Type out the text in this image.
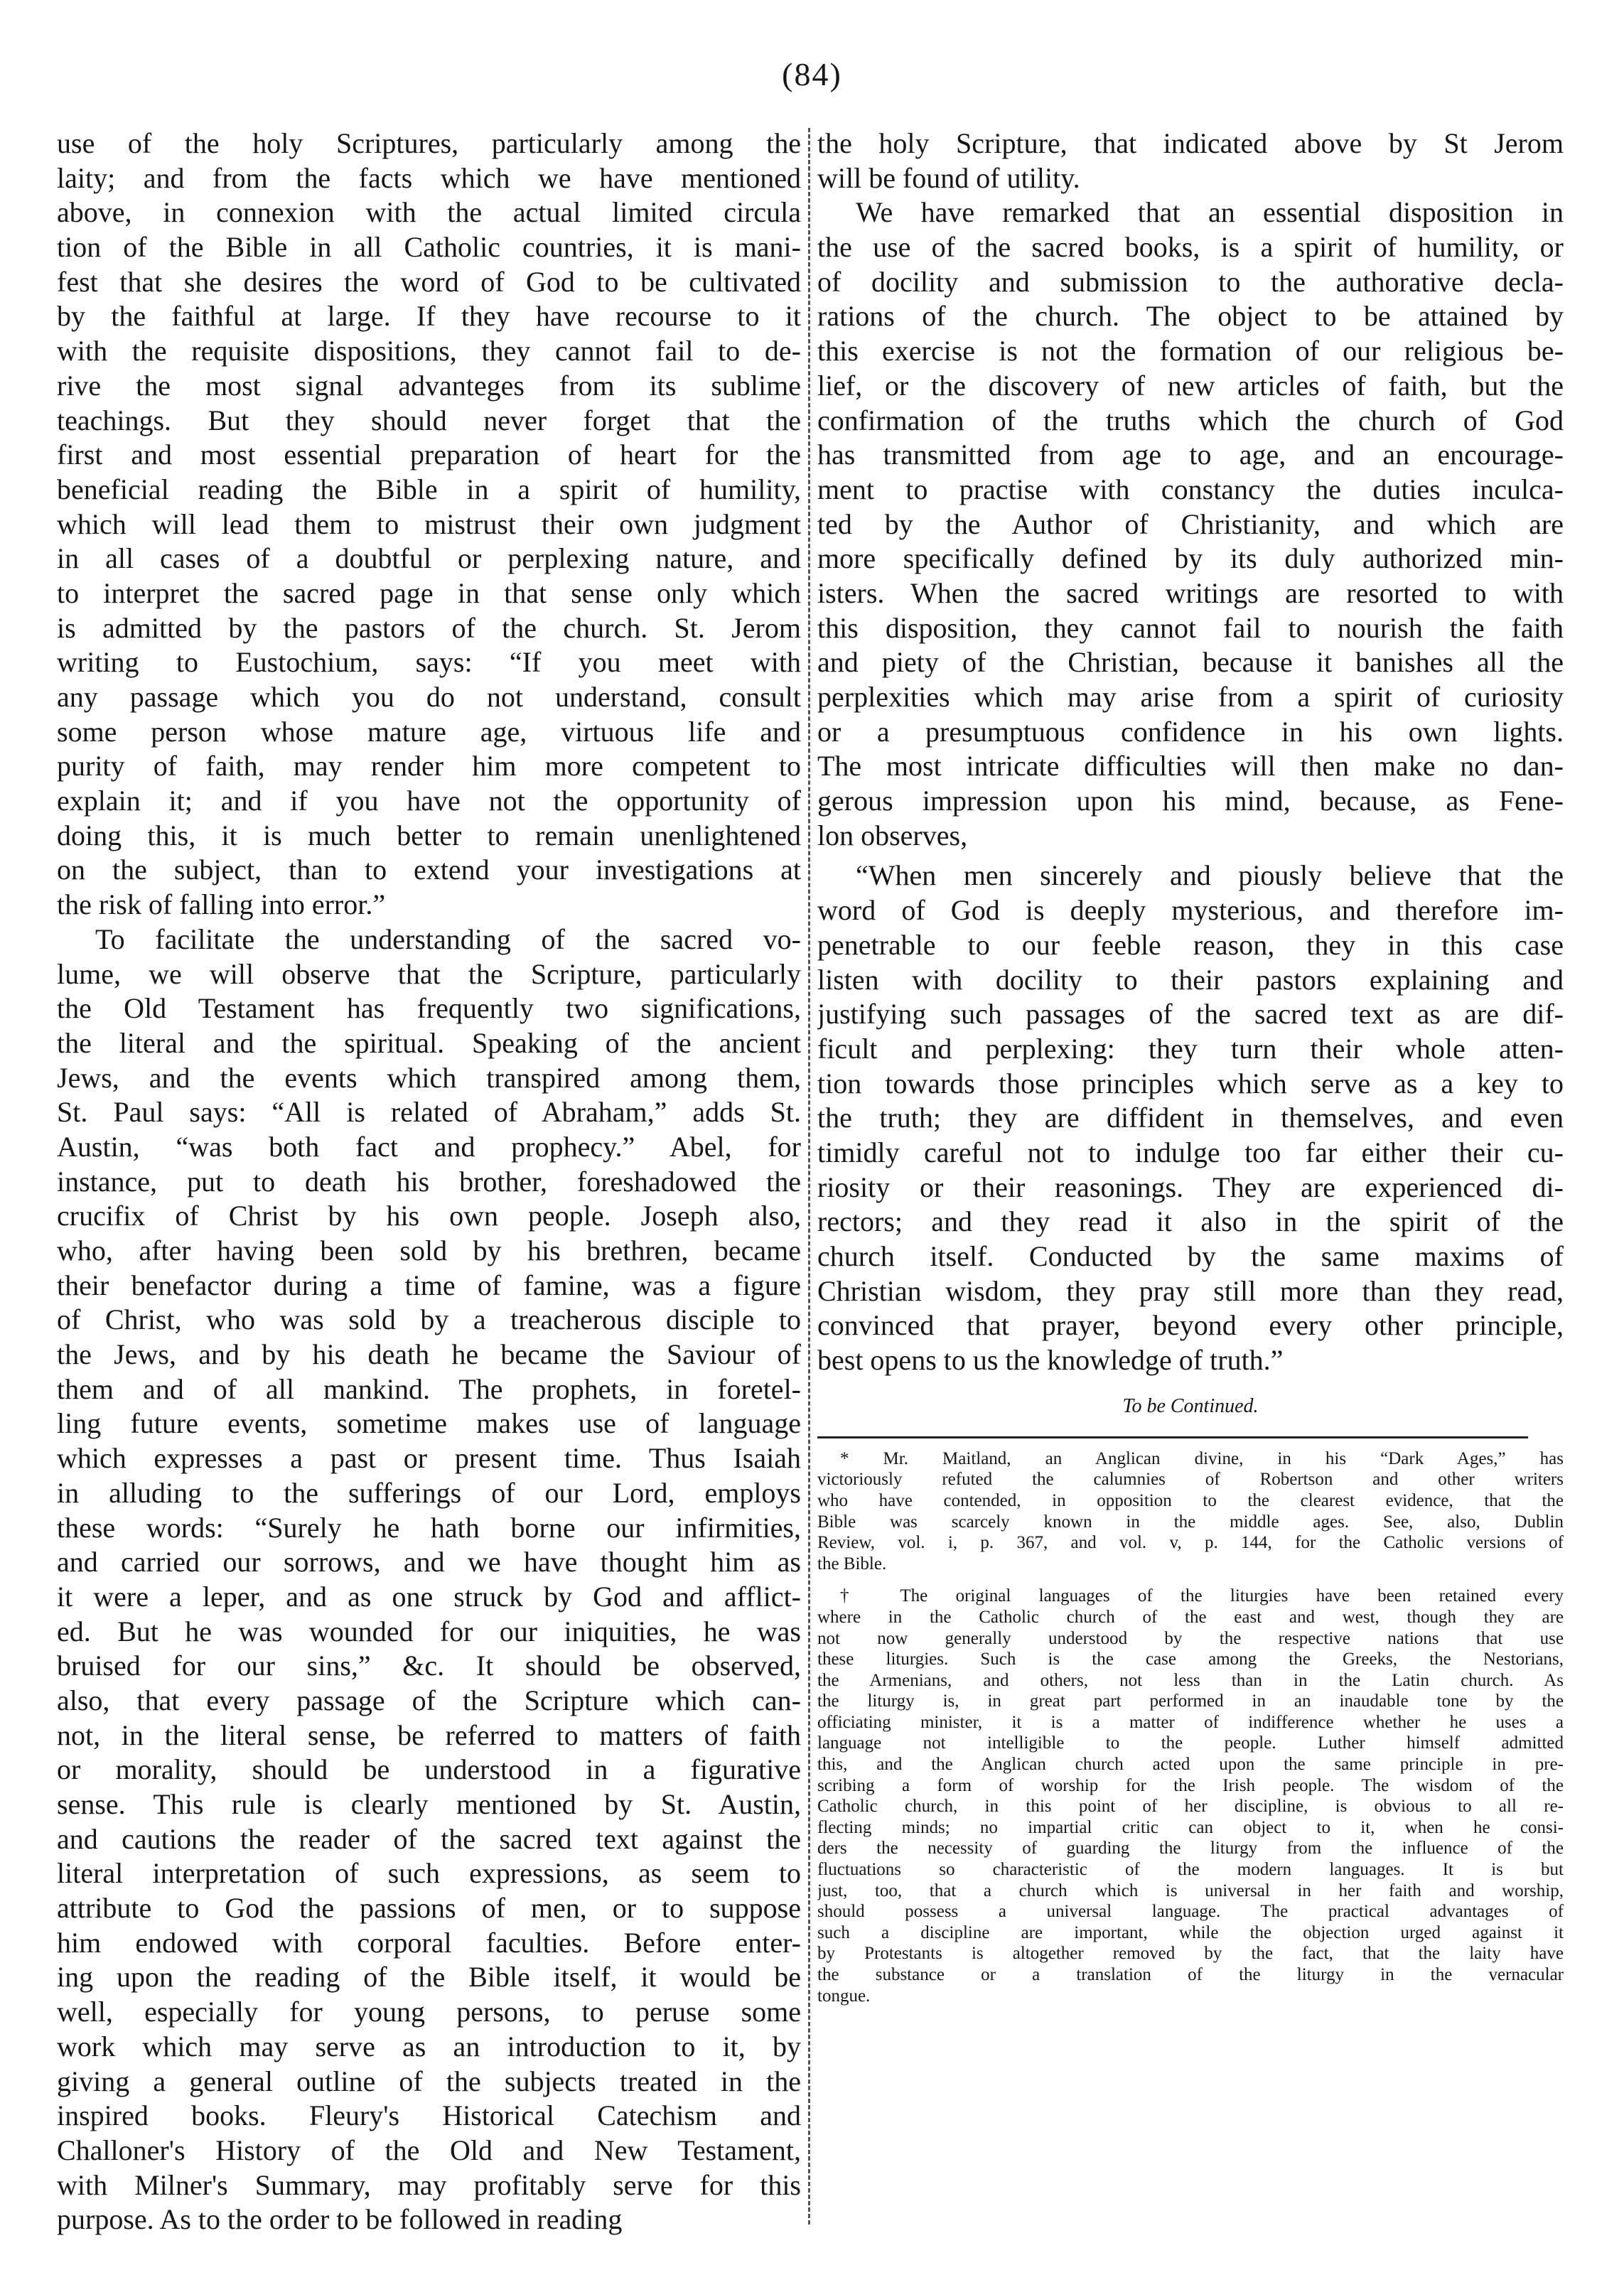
(84)
use of the holy Scriptures, particularly among the
laity; and from the facts which we have mentioned
above, in connexion with the actual limited circula
tion of the Bible in all Catholic countries, it is mani-
fest that she desires the word of God to be cultivated
by the faithful at large. If they have recourse to it
with the requisite dispositions, they cannot fail to de-
rive the most signal advanteges from its sublime
teachings. But they should never forget that the
first and most essential preparation of heart for the
beneficial reading the Bible in a spirit of humility,
which will lead them to mistrust their own judgment
in all cases of a doubtful or perplexing nature, and
to interpret the sacred page in that sense only which
is admitted by the pastors of the church. St. Jerom
writing to Eustochium, says: “If you meet with
any passage which you do not understand, consult
some person whose mature age, virtuous life and
purity of faith, may render him more competent to
explain it; and if you have not the opportunity of
doing this, it is much better to remain unenlightened
on the subject, than to extend your investigations at
the risk of falling into error.”
To facilitate the understanding of the sacred vo-
lume, we will observe that the Scripture, particularly
the Old Testament has frequently two significations,
the literal and the spiritual. Speaking of the ancient
Jews, and the events which transpired among them,
St. Paul says: “All is related of Abraham,” adds St.
Austin, “was both fact and prophecy.” Abel, for
instance, put to death his brother, foreshadowed the
crucifix of Christ by his own people. Joseph also,
who, after having been sold by his brethren, became
their benefactor during a time of famine, was a figure
of Christ, who was sold by a treacherous disciple to
the Jews, and by his death he became the Saviour of
them and of all mankind. The prophets, in foretel-
ling future events, sometime makes use of language
which expresses a past or present time. Thus Isaiah
in alluding to the sufferings of our Lord, employs
these words: “Surely he hath borne our infirmities,
and carried our sorrows, and we have thought him as
it were a leper, and as one struck by God and afflict-
ed. But he was wounded for our iniquities, he was
bruised for our sins,” &c. It should be observed,
also, that every passage of the Scripture which can-
not, in the literal sense, be referred to matters of faith
or morality, should be understood in a figurative
sense. This rule is clearly mentioned by St. Austin,
and cautions the reader of the sacred text against the
literal interpretation of such expressions, as seem to
attribute to God the passions of men, or to suppose
him endowed with corporal faculties. Before enter-
ing upon the reading of the Bible itself, it would be
well, especially for young persons, to peruse some
work which may serve as an introduction to it, by
giving a general outline of the subjects treated in the
inspired books. Fleury's Historical Catechism and
Challoner's History of the Old and New Testament,
with Milner's Summary, may profitably serve for this
purpose. As to the order to be followed in reading
the holy Scripture, that indicated above by St Jerom
will be found of utility.
We have remarked that an essential disposition in
the use of the sacred books, is a spirit of humility, or
of docility and submission to the authorative decla-
rations of the church. The object to be attained by
this exercise is not the formation of our religious be-
lief, or the discovery of new articles of faith, but the
confirmation of the truths which the church of God
has transmitted from age to age, and an encourage-
ment to practise with constancy the duties inculca-
ted by the Author of Christianity, and which are
more specifically defined by its duly authorized min-
isters. When the sacred writings are resorted to with
this disposition, they cannot fail to nourish the faith
and piety of the Christian, because it banishes all the
perplexities which may arise from a spirit of curiosity
or a presumptuous confidence in his own lights.
The most intricate difficulties will then make no dan-
gerous impression upon his mind, because, as Fene-
lon observes,
“When men sincerely and piously believe that the
word of God is deeply mysterious, and therefore im-
penetrable to our feeble reason, they in this case
listen with docility to their pastors explaining and
justifying such passages of the sacred text as are dif-
ficult and perplexing: they turn their whole atten-
tion towards those principles which serve as a key to
the truth; they are diffident in themselves, and even
timidly careful not to indulge too far either their cu-
riosity or their reasonings. They are experienced di-
rectors; and they read it also in the spirit of the
church itself. Conducted by the same maxims of
Christian wisdom, they pray still more than they read,
convinced that prayer, beyond every other principle,
best opens to us the knowledge of truth.”
To be Continued.
* Mr. Maitland, an Anglican divine, in his “Dark Ages,” has
victoriously refuted the calumnies of Robertson and other writers
who have contended, in opposition to the clearest evidence, that the
Bible was scarcely known in the middle ages. See, also, Dublin
Review, vol. i, p. 367, and vol. v, p. 144, for the Catholic versions of
the Bible.
† The original languages of the liturgies have been retained every
where in the Catholic church of the east and west, though they are
not now generally understood by the respective nations that use
these liturgies. Such is the case among the Greeks, the Nestorians,
the Armenians, and others, not less than in the Latin church. As
the liturgy is, in great part performed in an inaudable tone by the
officiating minister, it is a matter of indifference whether he uses a
language not intelligible to the people. Luther himself admitted
this, and the Anglican church acted upon the same principle in pre-
scribing a form of worship for the Irish people. The wisdom of the
Catholic church, in this point of her discipline, is obvious to all re-
flecting minds; no impartial critic can object to it, when he consi-
ders the necessity of guarding the liturgy from the influence of the
fluctuations so characteristic of the modern languages. It is but
just, too, that a church which is universal in her faith and worship,
should possess a universal language. The practical advantages of
such a discipline are important, while the objection urged against it
by Protestants is altogether removed by the fact, that the laity have
the substance or a translation of the liturgy in the vernacular
tongue.
